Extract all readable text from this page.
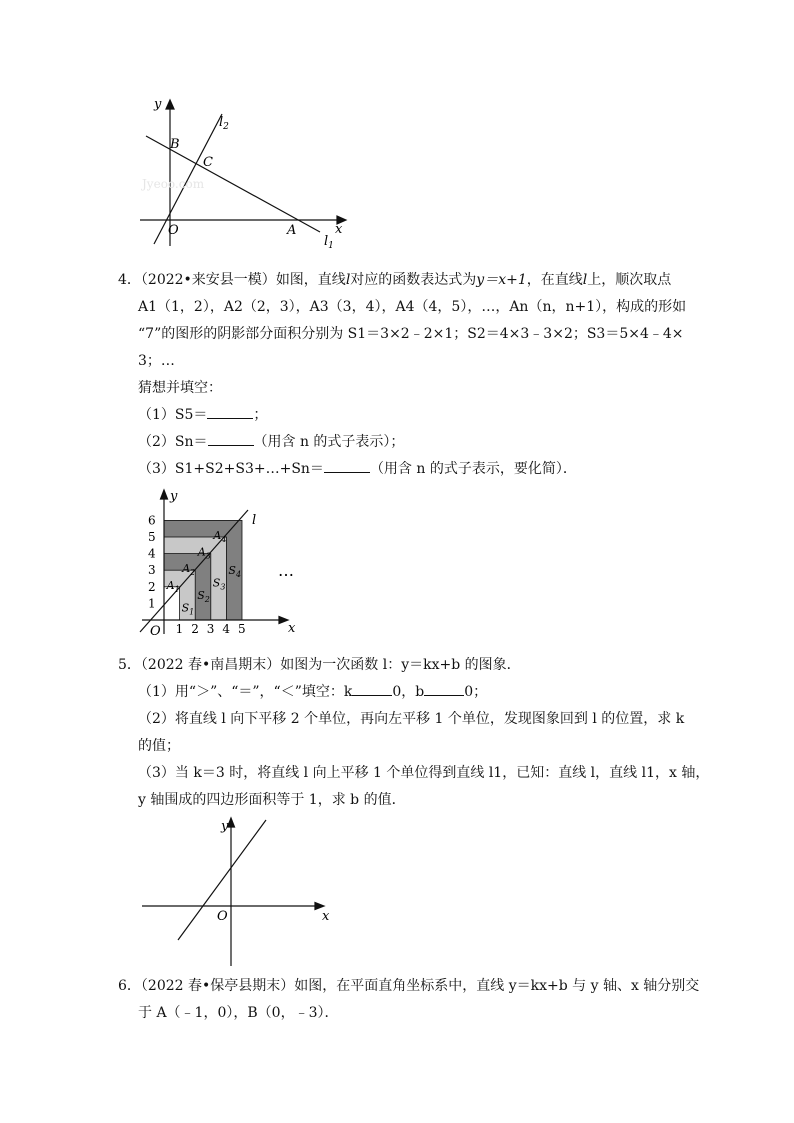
y
$l_2$
B
C
Jyeoo.com
O	A	x
$l_1$
4．（2022•来安县一模）如图，直线l对应的函数表达式为y＝x+1，在直线l上，顺次取点
A1（1，2），A2（2，3），A3（3，4），A4（4，5），…，An（n，n+1），构成的形如
“7”的图形的阴影部分面积分别为 S1＝3×2﹣2×1；S2＝4×3﹣3×2；S3＝5×4﹣4×
3；…
猜想并填空：
（1）S5＝	；
（2）Sn＝	（用含 n 的式子表示）；
（3）S1+S2+S3+…+Sn＝	（用含 n 的式子表示，要化简）．
1
2
3
4
5
6
1 2 3 4 5
$A_1$
$A_2$
$A_3$
$A_4$
$S_1$
$S_2$
$S_3$
$S_4$
y
l
O	x
…
5．（2022 春•南昌期末）如图为一次函数 l：y＝kx+b 的图象．
（1）用“＞”、“＝”，“＜”填空：k	0，b	0；
（2）将直线 l 向下平移 2 个单位，再向左平移 1 个单位，发现图象回到 l 的位置，求 k
的值；
（3）当 k＝3 时，将直线 l 向上平移 1 个单位得到直线 l1，已知：直线 l，直线 l1，x 轴，
y 轴围成的四边形面积等于 1，求 b 的值．
y
O	x
6．（2022 春•保亭县期末）如图，在平面直角坐标系中，直线 y＝kx+b 与 y 轴、x 轴分别交
于 A（﹣1，0），B（0，﹣3）．
